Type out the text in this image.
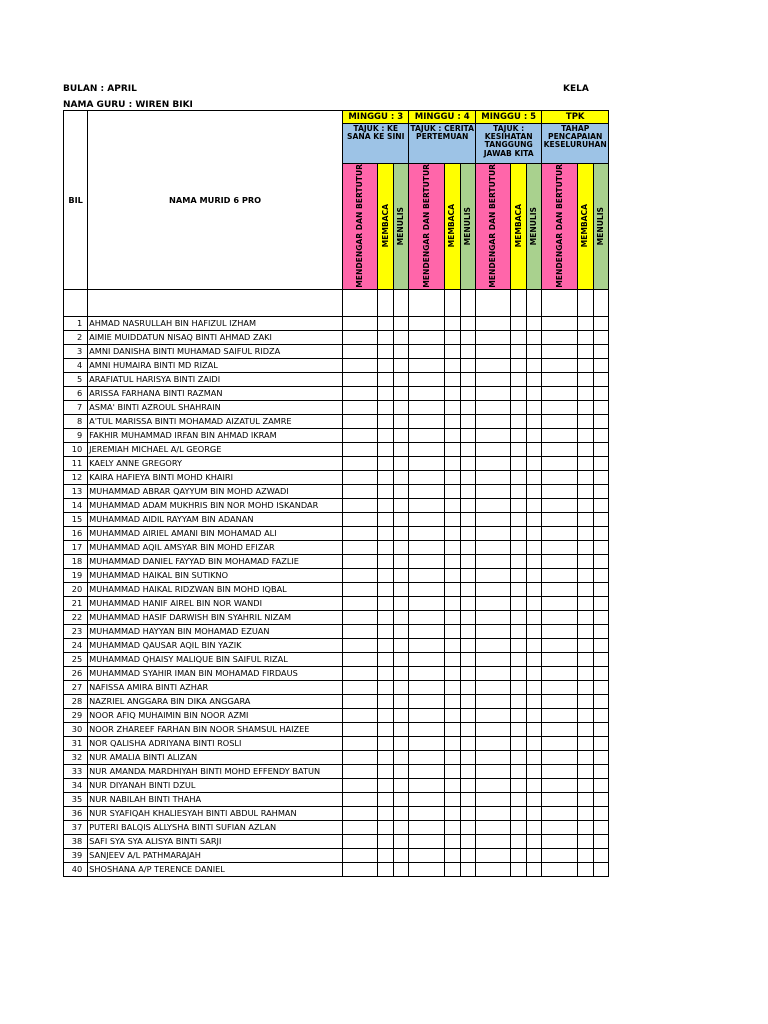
BULAN : APRIL
NAMA GURU : WIREN BIKI
KELA
BIL	NAMA MURID 6 PRO	MINGGU : 3			MINGGU : 4			MINGGU : 5			TPK		
		TAJUK : KE SANA KE SINI			TAJUK : CERITA PERTEMUAN			TAJUK : KESIHATAN TANGGUNG JAWAB KITA			TAHAP PENCAPAIAN KESELURUHAN		
		MENDENGAR DAN BERTUTUR	MEMBACA	MENULIS	MENDENGAR DAN BERTUTUR	MEMBACA	MENULIS	MENDENGAR DAN BERTUTUR	MEMBACA	MENULIS	MENDENGAR DAN BERTUTUR	MEMBACA	MENULIS

1	AHMAD NASRULLAH BIN HAFIZUL IZHAM												
2	AIMIE MUIDDATUN NISAQ BINTI AHMAD ZAKI												
3	AMNI DANISHA BINTI MUHAMAD SAIFUL RIDZA												
4	AMNI HUMAIRA BINTI MD RIZAL												
5	ARAFIATUL HARISYA BINTI ZAIDI												
6	ARISSA FARHANA BINTI RAZMAN												
7	ASMA' BINTI AZROUL SHAHRAIN												
8	A'TUL MARISSA BINTI MOHAMAD AIZATUL ZAMRE												
9	FAKHIR MUHAMMAD IRFAN BIN AHMAD IKRAM												
10	JEREMIAH MICHAEL A/L GEORGE												
11	KAELY ANNE GREGORY												
12	KAIRA HAFIEYA BINTI MOHD KHAIRI												
13	MUHAMMAD ABRAR QAYYUM BIN MOHD AZWADI												
14	MUHAMMAD ADAM MUKHRIS BIN NOR MOHD ISKANDAR												
15	MUHAMMAD AIDIL RAYYAM BIN ADANAN												
16	MUHAMMAD AIRIEL AMANI BIN MOHAMAD ALI												
17	MUHAMMAD AQIL AMSYAR BIN MOHD EFIZAR												
18	MUHAMMAD DANIEL FAYYAD BIN MOHAMAD FAZLIE												
19	MUHAMMAD HAIKAL BIN SUTIKNO												
20	MUHAMMAD HAIKAL RIDZWAN BIN MOHD IQBAL												
21	MUHAMMAD HANIF AIREL BIN NOR WANDI												
22	MUHAMMAD HASIF DARWISH BIN SYAHRIL NIZAM												
23	MUHAMMAD HAYYAN BIN MOHAMAD EZUAN												
24	MUHAMMAD QAUSAR AQIL BIN YAZIK												
25	MUHAMMAD QHAISY MALIQUE BIN SAIFUL RIZAL												
26	MUHAMMAD SYAHIR IMAN BIN MOHAMAD FIRDAUS												
27	NAFISSA AMIRA BINTI AZHAR												
28	NAZRIEL ANGGARA BIN DIKA ANGGARA												
29	NOOR AFIQ MUHAIMIN BIN NOOR AZMI												
30	NOOR ZHAREEF FARHAN BIN NOOR SHAMSUL HAIZEE												
31	NOR QALISHA ADRIYANA BINTI ROSLI												
32	NUR AMALIA BINTI ALIZAN												
33	NUR AMANDA MARDHIYAH BINTI MOHD EFFENDY BATUN												
34	NUR DIYANAH BINTI DZUL												
35	NUR NABILAH BINTI THAHA												
36	NUR SYAFIQAH KHALIESYAH BINTI ABDUL RAHMAN												
37	PUTERI BALQIS ALLYSHA BINTI SUFIAN AZLAN												
38	SAFI SYA SYA ALISYA BINTI SARJI												
39	SANJEEV A/L PATHMARAJAH												
40	SHOSHANA A/P TERENCE DANIEL												
